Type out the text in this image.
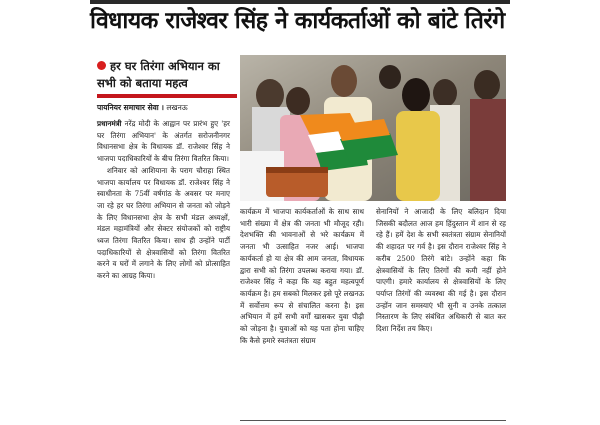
विधायक राजेश्वर सिंह ने कार्यकर्ताओं को बांटे तिरंगे
हर घर तिरंगा अभियान का सभी को बताया महत्व
पायनियर समाचार सेवा । लखनऊ

प्रधानमंत्री नरेंद्र मोदी के आह्वान पर प्रारंभ हुए 'हर घर तिरंगा अभियान' के अंतर्गत सरोजनीनगर विधानसभा क्षेत्र के विधायक डॉ. राजेश्वर सिंह ने भाजपा पदाधिकारियों के बीच तिरंगा वितरित किया।

शनिवार को आशियाना के पराग चौराहा स्थित भाजपा कार्यालय पर विधायक डॉ. राजेश्वर सिंह ने स्वाधीनता के 75वीं वर्षगांठ के अवसर पर मनाए जा रहे हर घर तिरंगा अभियान से जनता को जोड़ने के लिए विधानसभा क्षेत्र के सभी मंडल अध्यक्षों, मंडल महामंत्रियों और सेक्टर संयोजकों को राष्ट्रीय ध्वज तिरंगा वितरित किया। साथ ही उन्होंने पार्टी पदाधिकारियों से क्षेत्रवासियों को तिरंगा वितरित करने व घरों में लगाने के लिए लोगों को प्रोत्साहित करने का आग्रह किया।

कार्यक्रम में भाजपा कार्यकर्ताओं के साथ साथ भारी संख्या में क्षेत्र की जनता भी मौजूद रही। देशभक्ति की भावनाओं से भरे कार्यक्रम में जनता भी उत्साहित नजर आई। भाजपा कार्यकर्ता हो या क्षेत्र की आम जनता, विधायक द्वारा सभी को तिरंगा उपलब्ध कराया गया। डॉ. राजेश्वर सिंह ने कहा कि यह बहुत महत्वपूर्ण कार्यक्रम है। हम सबको मिलकर इसे पूरे लखनऊ में सर्वोत्तम रूप से संचालित करना है। इस अभियान में हमें सभी वर्गों खासकर युवा पीढ़ी को जोड़ना है। युवाओं को यह पता होना चाहिए कि कैसे हमारे स्वतंत्रता संग्राम

सेनानियों ने आजादी के लिए बलिदान दिया जिसकी बदौलत आज हम हिंदुस्तान में शान से रह रहे हैं। हमें देश के सभी स्वतंत्रता संग्राम सेनानियों की शहादत पर गर्व है। इस दौरान राजेश्वर सिंह ने करीब 2500 तिरंगे बांटे। उन्होंने कहा कि क्षेत्रवासियों के लिए तिरंगों की कमी नहीं होने पाएगी। हमारे कार्यालय से क्षेत्रवासियों के लिए पर्याप्त तिरंगों की व्यवस्था की गई है। इस दौरान उन्होंन जान समस्याएं भी सुनी व उनके तत्काल निस्तारण के लिए संबंधित अधिकारी से बात कर दिशा निर्देश तय किए।
